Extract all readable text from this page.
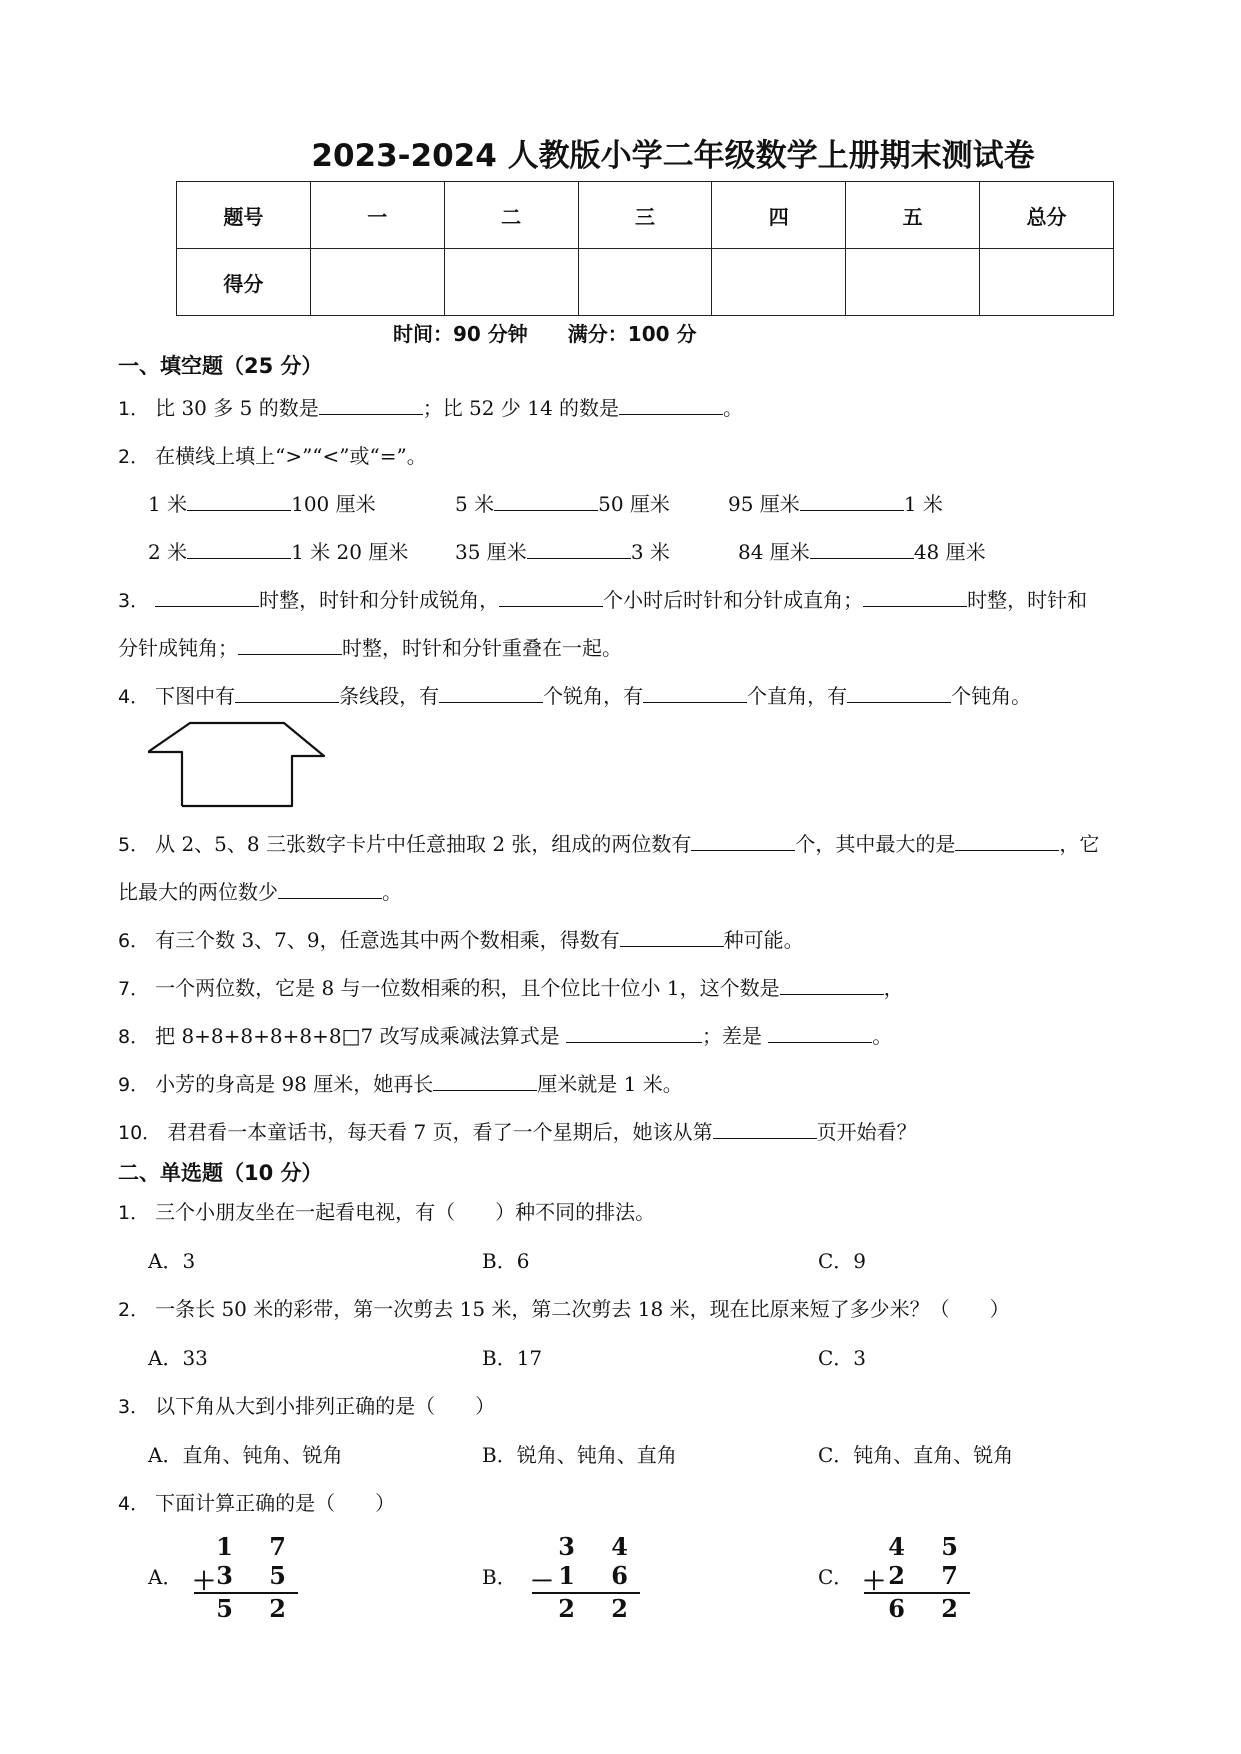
2023-2024 人教版小学二年级数学上册期末测试卷
题号	一	二	三	四	五	总分
得分						
时间：90 分钟 满分：100 分
一、填空题（25 分）
1． 比 30 多 5 的数是	；比 52 少 14 的数是	。
2． 在横线上填上“>”“<”或“=”。
1 米	100 厘米	5 米	50 厘米	95 厘米	1 米
2 米	1 米 20 厘米 35 厘米	3 米	84 厘米	48 厘米
3．	时整，时针和分针成锐角，	个小时后时针和分针成直角；	时整，时针和
分针成钝角；	时整，时针和分针重叠在一起。
4． 下图中有	条线段，有	个锐角，有	个直角，有	个钝角。
5． 从 2、5、8 三张数字卡片中任意抽取 2 张，组成的两位数有	个，其中最大的是	，它
比最大的两位数少	。
6． 有三个数 3、7、9，任意选其中两个数相乘，得数有	种可能。
7． 一个两位数，它是 8 与一位数相乘的积，且个位比十位小 1，这个数是	，
8． 把 8+8+8+8+8+8□7 改写成乘减法算式是	；差是	。
9． 小芳的身高是 98 厘米，她再长	厘米就是 1 米。
10． 君君看一本童话书，每天看 7 页，看了一个星期后，她该从第	页开始看？
二、单选题（10 分）
1． 三个小朋友坐在一起看电视，有（　　）种不同的排法。
A．3	B．6	C．9
2． 一条长 50 米的彩带，第一次剪去 15 米，第二次剪去 18 米，现在比原来短了多少米？（　　）
A．33	B．17	C．3
3． 以下角从大到小排列正确的是（　　）
A．直角、钝角、锐角	B．锐角、钝角、直角	C．钝角、直角、锐角
4． 下面计算正确的是（　　）
A．
1 7
＋ 3 5
5 2
B．
3 4
－ 1 6
2 2
C．
4 5
＋ 2 7
6 2
